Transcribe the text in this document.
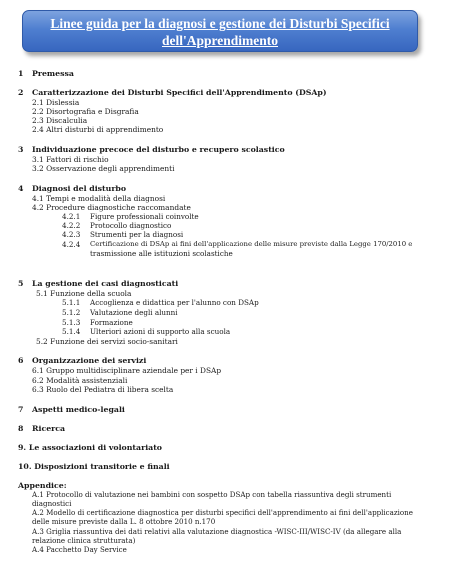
Linee guida per la diagnosi e gestione dei Disturbi Specifici
dell'Apprendimento
1 Premessa
2 Caratterizzazione dei Disturbi Specifici dell'Apprendimento (DSAp)
2.1 Dislessia
2.2 Disortografia e Disgrafia
2.3 Discalculia
2.4 Altri disturbi di apprendimento
3 Individuazione precoce del disturbo e recupero scolastico
3.1 Fattori di rischio
3.2 Osservazione degli apprendimenti
4 Diagnosi del disturbo
4.1 Tempi e modalità della diagnosi
4.2 Procedure diagnostiche raccomandate
4.2.1 Figure professionali coinvolte
4.2.2 Protocollo diagnostico
4.2.3 Strumenti per la diagnosi
4.2.4 Certificazione di DSAp ai fini dell'applicazione delle misure previste dalla Legge 170/2010 e
trasmissione alle istituzioni scolastiche
5 La gestione dei casi diagnosticati
5.1 Funzione della scuola
5.1.1 Accoglienza e didattica per l'alunno con DSAp
5.1.2 Valutazione degli alunni
5.1.3 Formazione
5.1.4 Ulteriori azioni di supporto alla scuola
5.2 Funzione dei servizi socio-sanitari
6 Organizzazione dei servizi
6.1 Gruppo multidisciplinare aziendale per i DSAp
6.2 Modalità assistenziali
6.3 Ruolo del Pediatra di libera scelta
7 Aspetti medico-legali
8 Ricerca
9. Le associazioni di volontariato
10. Disposizioni transitorie e finali
Appendice:
A.1 Protocollo di valutazione nei bambini con sospetto DSAp con tabella riassuntiva degli strumenti
diagnostici
A.2 Modello di certificazione diagnostica per disturbi specifici dell'apprendimento ai fini dell'applicazione
delle misure previste dalla L. 8 ottobre 2010 n.170
A.3 Griglia riassuntiva dei dati relativi alla valutazione diagnostica -WISC-III/WISC-IV (da allegare alla
relazione clinica strutturata)
A.4 Pacchetto Day Service
